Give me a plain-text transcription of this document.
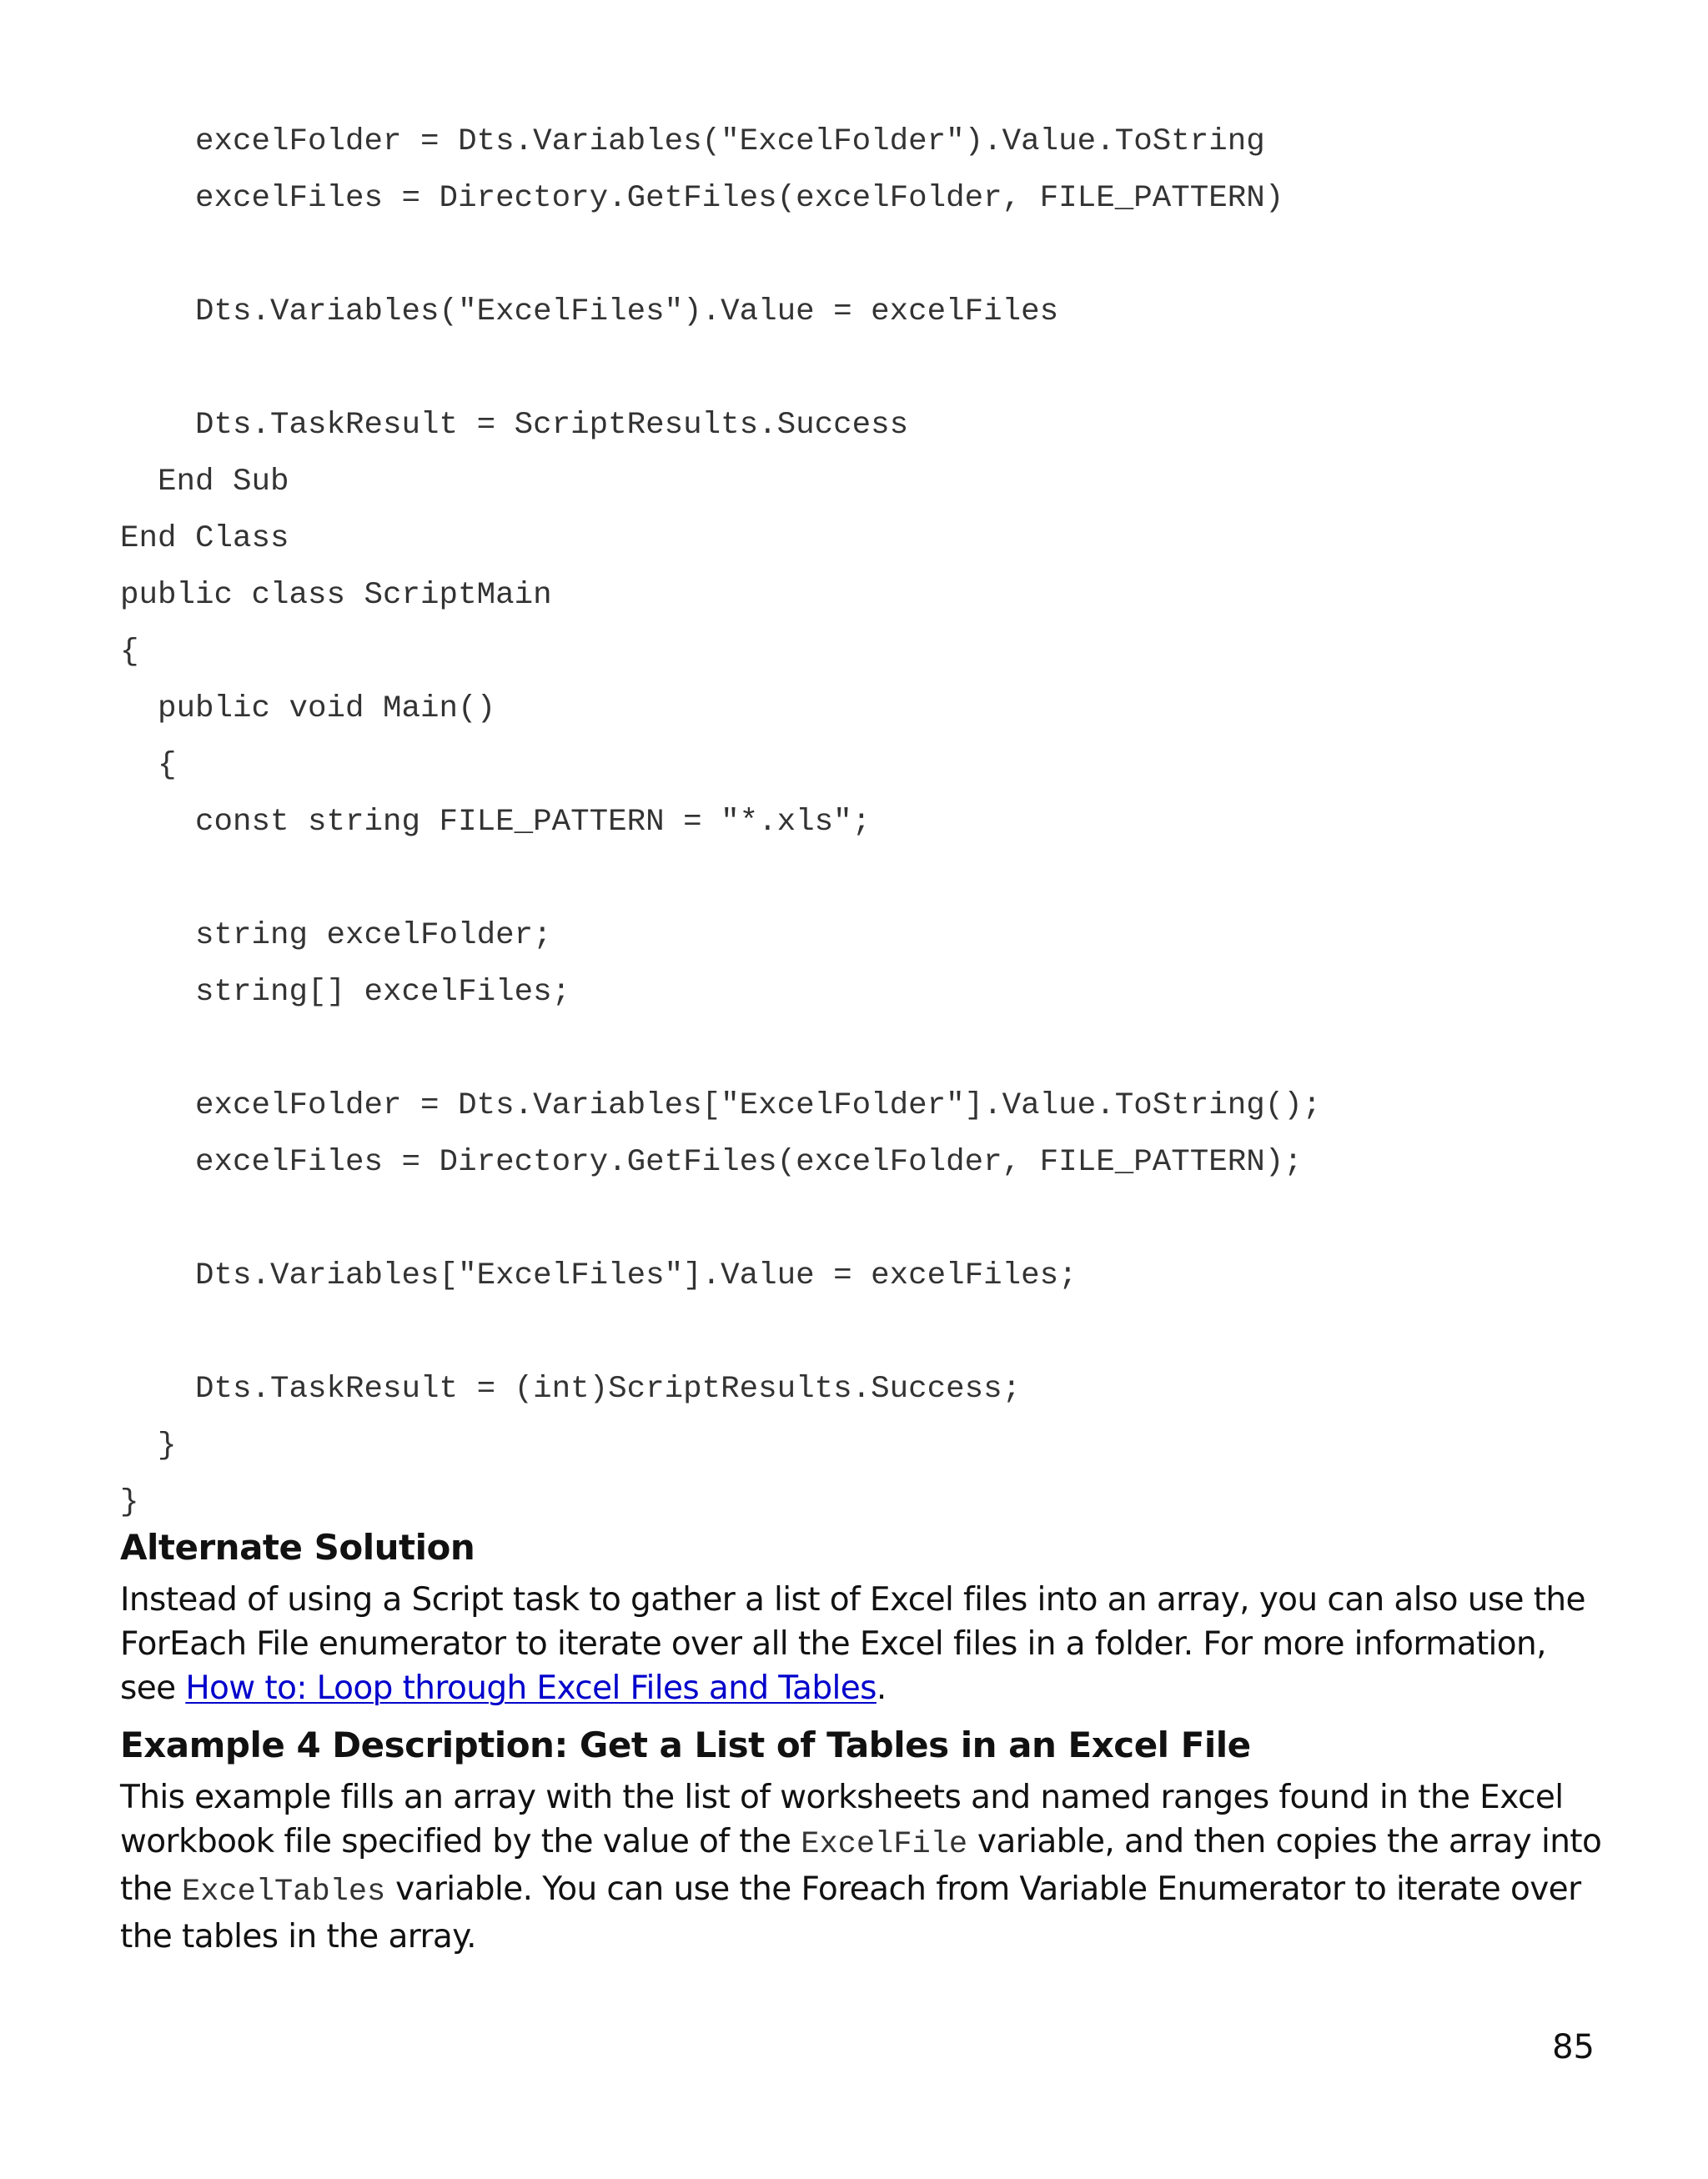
excelFolder = Dts.Variables("ExcelFolder").Value.ToString
excelFiles = Directory.GetFiles(excelFolder, FILE_PATTERN)
Dts.Variables("ExcelFiles").Value = excelFiles
Dts.TaskResult = ScriptResults.Success
End Sub
End Class
public class ScriptMain
{
public void Main()
{
const string FILE_PATTERN = "*.xls";
string excelFolder;
string[] excelFiles;
excelFolder = Dts.Variables["ExcelFolder"].Value.ToString();
excelFiles = Directory.GetFiles(excelFolder, FILE_PATTERN);
Dts.Variables["ExcelFiles"].Value = excelFiles;
Dts.TaskResult = (int)ScriptResults.Success;
}
}
Alternate Solution

Instead of using a Script task to gather a list of Excel files into an array, you can also use the ForEach File enumerator to iterate over all the Excel files in a folder. For more information, see How to: Loop through Excel Files and Tables.

Example 4 Description: Get a List of Tables in an Excel File

This example fills an array with the list of worksheets and named ranges found in the Excel workbook file specified by the value of the ExcelFile variable, and then copies the array into the ExcelTables variable. You can use the Foreach from Variable Enumerator to iterate over the tables in the array.

85
